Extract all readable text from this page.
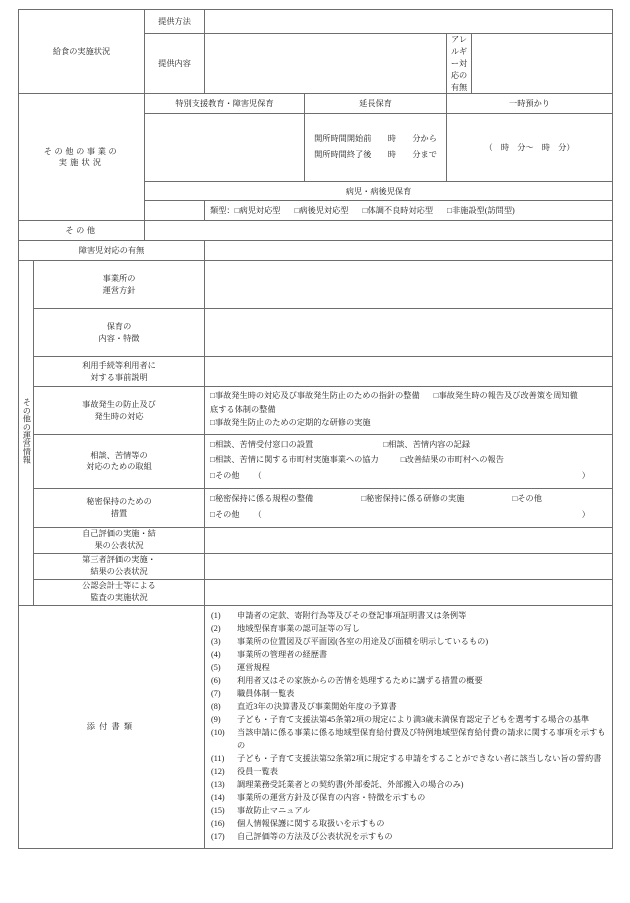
給食の実施状況		提供方法				
		提供内容			アレルギー対応の有無	

その他の事業の
実施状況		特別支援教育・障害児保育		延長保育	一時預かり	

				開所時間開始前　　時　　分から

開所時間終了後　　時　　分まで	（　時　分～　時　分）	
		病児・病後児保育				

			類型：□病児対応型 □病後児対応型 □体調不良時対応型 □非施設型(訪問型)			

その他						
障害児対応の有無						
その他の運営情報	事業所の
運営方針					

	保育の
内容・特徴					

	利用手続等利用者に
対する事前説明					

事故発生の防止及び
発生時の対応

□事故発生時の対応及び事故発生防止のための指針の整備 □事故発生時の報告及び改善策を周知徹

底する体制の整備

□事故発生防止のための定期的な研修の実施

相談、苦情等の
対応のための取組

□相談、苦情受付窓口の設置	□相談、苦情内容の記録

□相談、苦情に関する市町村実施事業への協力	□改善結果の市町村への報告

□その他 （	）

秘密保持のための
措置

□秘密保持に係る規程の整備	□秘密保持に係る研修の実施	□その他

□その他 （	）

	自己評価の実施・結
果の公表状況					

	第三者評価の実施・
結果の公表状況					

	公認会計士等による
監査の実施状況					

添付書類	
(1)	申請者の定款、寄附行為等及びその登記事項証明書又は条例等
(2)	地域型保育事業の認可証等の写し
(3)	事業所の位置図及び平面図(各室の用途及び面積を明示しているもの)
(4)	事業所の管理者の経歴書
(5)	運営規程
(6)	利用者又はその家族からの苦情を処理するために講ずる措置の概要
(7)	職員体制一覧表
(8)	直近3年の決算書及び事業開始年度の予算書
(9)	子ども・子育て支援法第45条第2項の規定により満3歳未満保育認定子どもを選考する場合の基準
(10)	当該申請に係る事業に係る地域型保育給付費及び特例地域型保育給付費の請求に関する事項を示すもの
(11)	子ども・子育て支援法第52条第2項に規定する申請をすることができない者に該当しない旨の誓約書
(12)	役員一覧表
(13)	調理業務受託業者との契約書(外部委託、外部搬入の場合のみ)
(14)	事業所の運営方針及び保育の内容・特徴を示すもの
(15)	事故防止マニュアル
(16)	個人情報保護に関する取扱いを示すもの
(17)	自己評価等の方法及び公表状況を示すもの
